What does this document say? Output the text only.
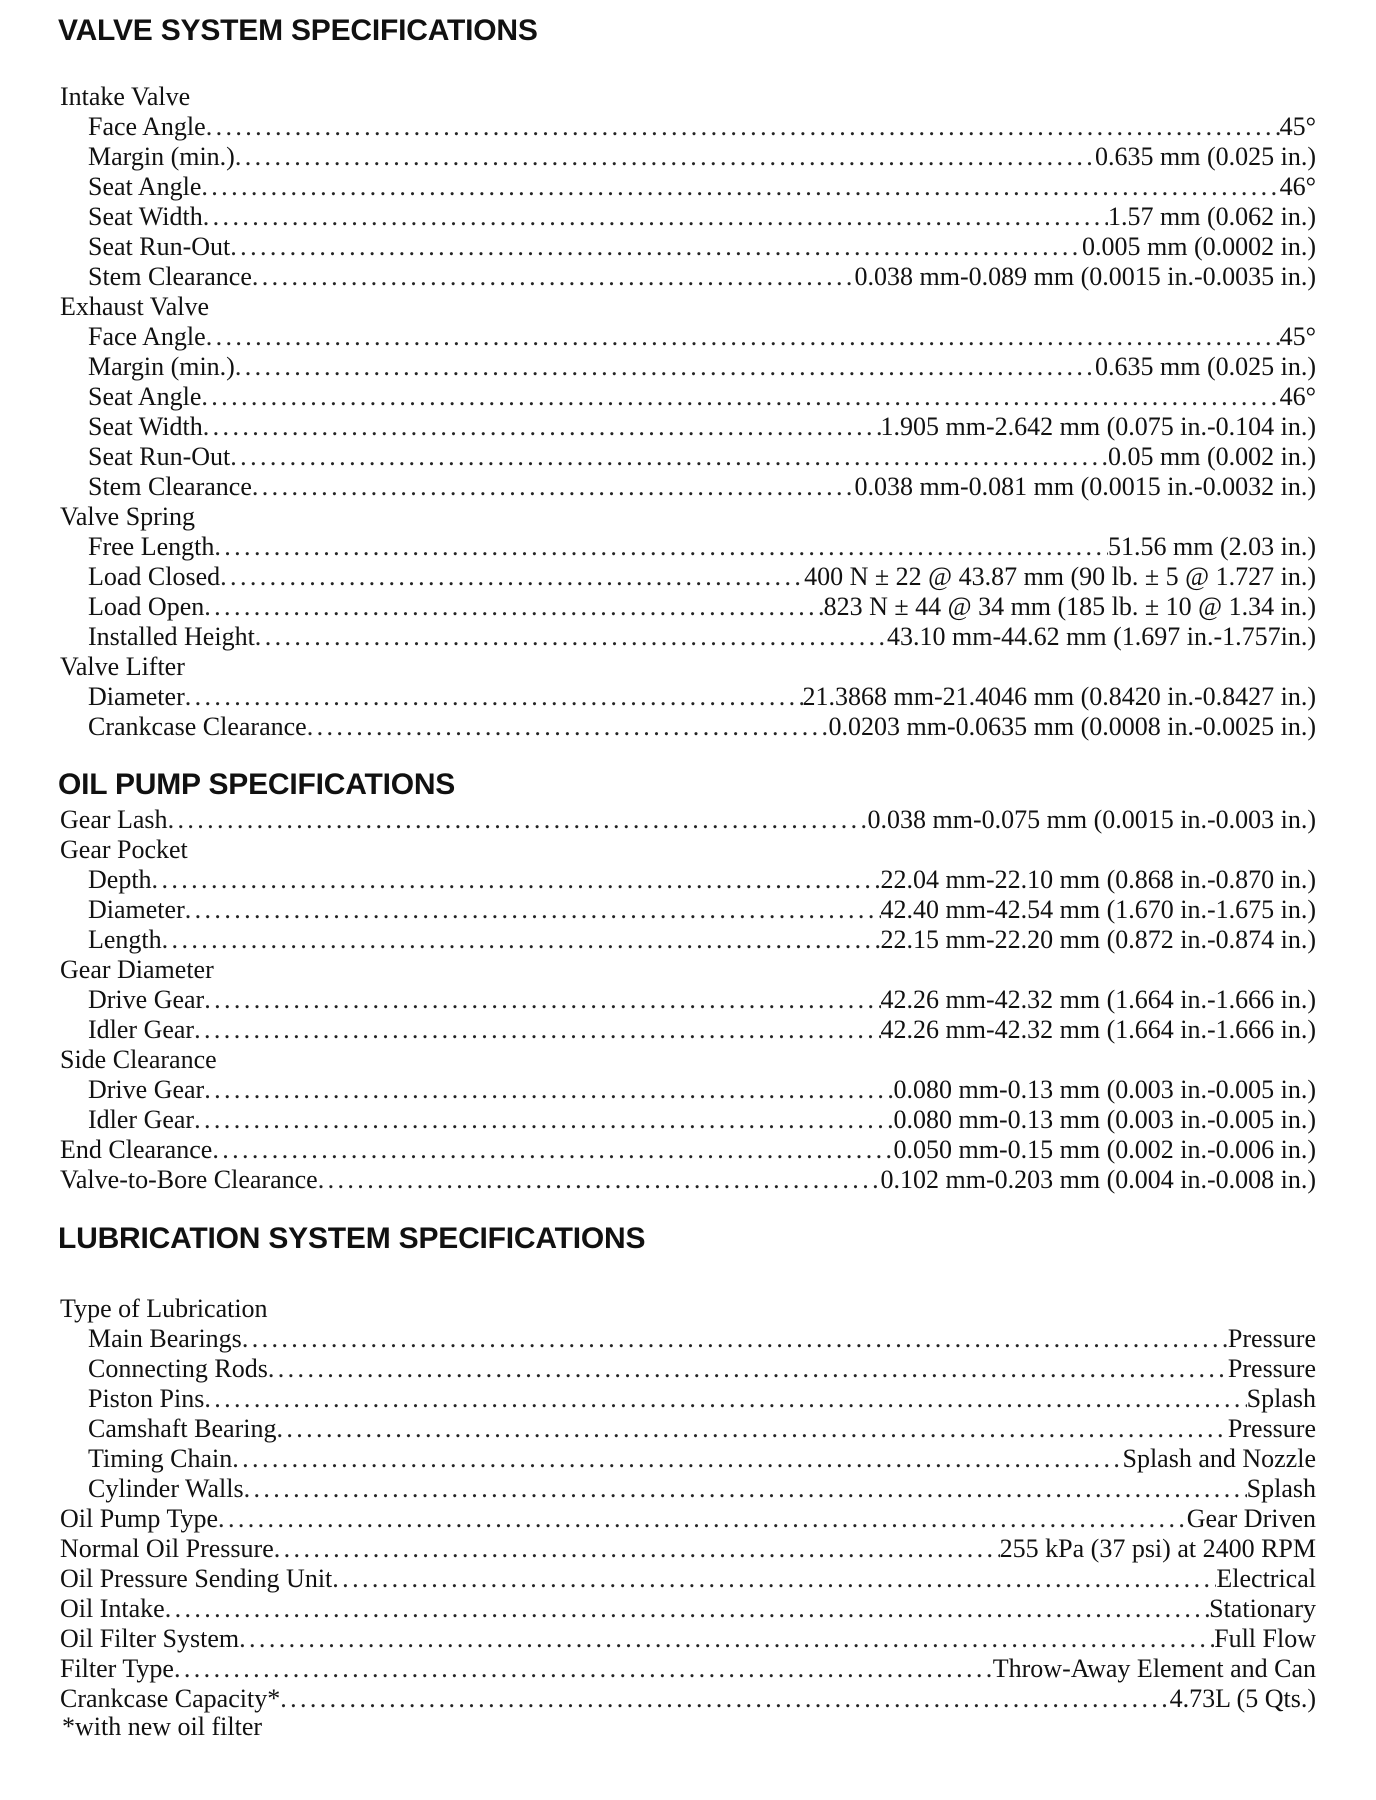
VALVE SYSTEM SPECIFICATIONS
Intake Valve
Face Angle .....	45°
Margin (min.) .....	0.635 mm (0.025 in.)
Seat Angle .....	46°
Seat Width .....	1.57 mm (0.062 in.)
Seat Run-Out .....	0.005 mm (0.0002 in.)
Stem Clearance .....	0.038 mm-0.089 mm (0.0015 in.-0.0035 in.)
Exhaust Valve
Face Angle .....	45°
Margin (min.) .....	0.635 mm (0.025 in.)
Seat Angle .....	46°
Seat Width .....	1.905 mm-2.642 mm (0.075 in.-0.104 in.)
Seat Run-Out .....	0.05 mm (0.002 in.)
Stem Clearance .....	0.038 mm-0.081 mm (0.0015 in.-0.0032 in.)
Valve Spring
Free Length .....	51.56 mm (2.03 in.)
Load Closed .....	400 N ± 22 @ 43.87 mm (90 lb. ± 5 @ 1.727 in.)
Load Open .....	823 N ± 44 @ 34 mm (185 lb. ± 10 @ 1.34 in.)
Installed Height .....	43.10 mm-44.62 mm (1.697 in.-1.757in.)
Valve Lifter
Diameter .....	21.3868 mm-21.4046 mm (0.8420 in.-0.8427 in.)
Crankcase Clearance .....	0.0203 mm-0.0635 mm (0.0008 in.-0.0025 in.)
OIL PUMP SPECIFICATIONS
Gear Lash .....	0.038 mm-0.075 mm (0.0015 in.-0.003 in.)
Gear Pocket
Depth .....	22.04 mm-22.10 mm (0.868 in.-0.870 in.)
Diameter .....	42.40 mm-42.54 mm (1.670 in.-1.675 in.)
Length .....	22.15 mm-22.20 mm (0.872 in.-0.874 in.)
Gear Diameter
Drive Gear .....	42.26 mm-42.32 mm (1.664 in.-1.666 in.)
Idler Gear .....	42.26 mm-42.32 mm (1.664 in.-1.666 in.)
Side Clearance
Drive Gear .....	0.080 mm-0.13 mm (0.003 in.-0.005 in.)
Idler Gear .....	0.080 mm-0.13 mm (0.003 in.-0.005 in.)
End Clearance .....	0.050 mm-0.15 mm (0.002 in.-0.006 in.)
Valve-to-Bore Clearance .....	0.102 mm-0.203 mm (0.004 in.-0.008 in.)
LUBRICATION SYSTEM SPECIFICATIONS
Type of Lubrication
Main Bearings .....	Pressure
Connecting Rods .....	Pressure
Piston Pins .....	Splash
Camshaft Bearing .....	Pressure
Timing Chain .....	Splash and Nozzle
Cylinder Walls .....	Splash
Oil Pump Type .....	Gear Driven
Normal Oil Pressure .....	255 kPa (37 psi) at 2400 RPM
Oil Pressure Sending Unit .....	Electrical
Oil Intake .....	Stationary
Oil Filter System .....	Full Flow
Filter Type .....	Throw-Away Element and Can
Crankcase Capacity* .....	4.73L (5 Qts.)
*with new oil filter
